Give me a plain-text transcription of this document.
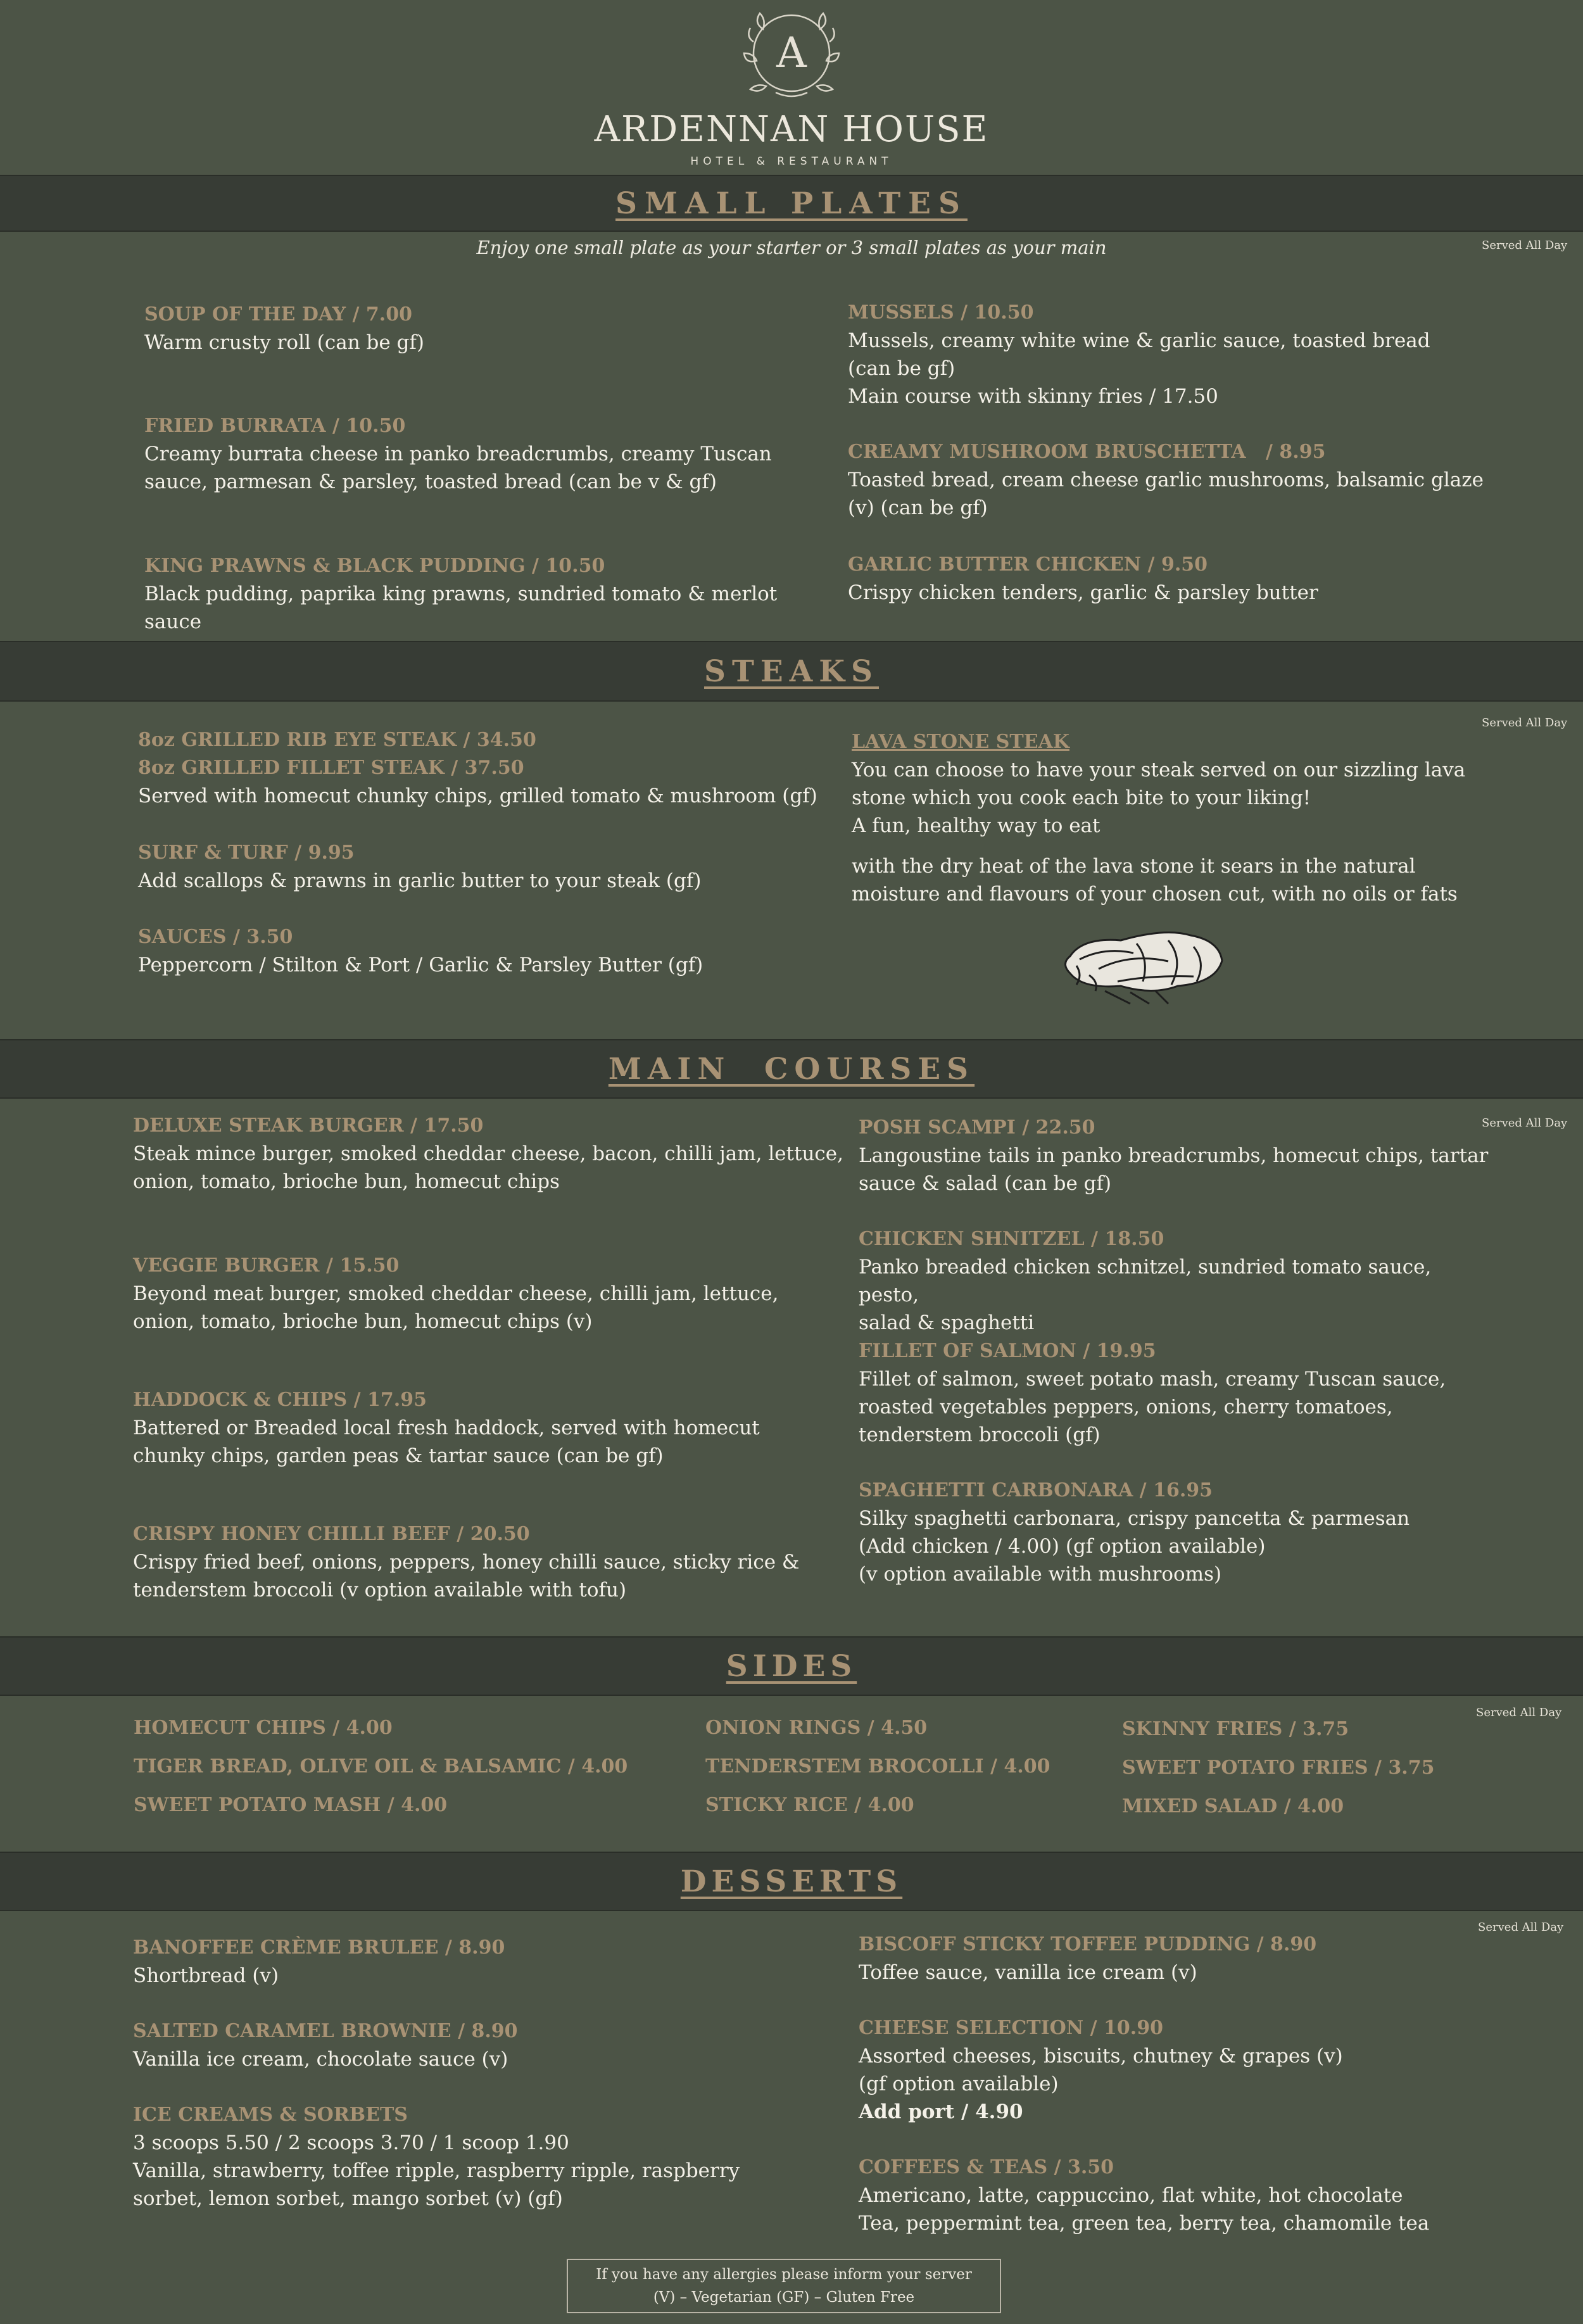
A
ARDENNAN HOUSE
HOTEL & RESTAURANT
SMALL PLATES
Enjoy one small plate as your starter or 3 small plates as your main	Served All Day
SOUP OF THE DAY / 7.00
Warm crusty roll (can be gf)
FRIED BURRATA / 10.50
Creamy burrata cheese in panko breadcrumbs, creamy Tuscan
sauce, parmesan & parsley, toasted bread (can be v & gf)
KING PRAWNS & BLACK PUDDING / 10.50
Black pudding, paprika king prawns, sundried tomato & merlot
sauce
MUSSELS / 10.50
Mussels, creamy white wine & garlic sauce, toasted bread
(can be gf)
Main course with skinny fries / 17.50
CREAMY MUSHROOM BRUSCHETTA   / 8.95
Toasted bread, cream cheese garlic mushrooms, balsamic glaze
(v) (can be gf)
GARLIC BUTTER CHICKEN / 9.50
Crispy chicken tenders, garlic & parsley butter
STEAKS
Served All Day
8oz GRILLED RIB EYE STEAK / 34.50
8oz GRILLED FILLET STEAK / 37.50
Served with homecut chunky chips, grilled tomato & mushroom (gf)
SURF & TURF / 9.95
Add scallops & prawns in garlic butter to your steak (gf)
SAUCES / 3.50
Peppercorn / Stilton & Port / Garlic & Parsley Butter (gf)
LAVA STONE STEAK
You can choose to have your steak served on our sizzling lava
stone which you cook each bite to your liking!
A fun, healthy way to eat
with the dry heat of the lava stone it sears in the natural
moisture and flavours of your chosen cut, with no oils or fats
MAIN  COURSES
Served All Day
DELUXE STEAK BURGER / 17.50
Steak mince burger, smoked cheddar cheese, bacon, chilli jam, lettuce,
onion, tomato, brioche bun, homecut chips
VEGGIE BURGER / 15.50
Beyond meat burger, smoked cheddar cheese, chilli jam, lettuce,
onion, tomato, brioche bun, homecut chips (v)
HADDOCK & CHIPS / 17.95
Battered or Breaded local fresh haddock, served with homecut
chunky chips, garden peas & tartar sauce (can be gf)
CRISPY HONEY CHILLI BEEF / 20.50
Crispy fried beef, onions, peppers, honey chilli sauce, sticky rice &
tenderstem broccoli (v option available with tofu)
POSH SCAMPI / 22.50
Langoustine tails in panko breadcrumbs, homecut chips, tartar
sauce & salad (can be gf)
CHICKEN SHNITZEL / 18.50
Panko breaded chicken schnitzel, sundried tomato sauce, pesto,
salad & spaghetti
FILLET OF SALMON / 19.95
Fillet of salmon, sweet potato mash, creamy Tuscan sauce,
roasted vegetables peppers, onions, cherry tomatoes,
tenderstem broccoli (gf)
SPAGHETTI CARBONARA / 16.95
Silky spaghetti carbonara, crispy pancetta & parmesan
(Add chicken / 4.00) (gf option available)
(v option available with mushrooms)
SIDES
Served All Day
HOMECUT CHIPS / 4.00
TIGER BREAD, OLIVE OIL & BALSAMIC / 4.00
SWEET POTATO MASH / 4.00
ONION RINGS / 4.50
TENDERSTEM BROCOLLI / 4.00
STICKY RICE / 4.00
SKINNY FRIES / 3.75
SWEET POTATO FRIES / 3.75
MIXED SALAD / 4.00
DESSERTS
Served All Day
BANOFFEE CRÈME BRULEE / 8.90
Shortbread (v)
SALTED CARAMEL BROWNIE / 8.90
Vanilla ice cream, chocolate sauce (v)
ICE CREAMS & SORBETS
3 scoops 5.50 / 2 scoops 3.70 / 1 scoop 1.90
Vanilla, strawberry, toffee ripple, raspberry ripple, raspberry
sorbet, lemon sorbet, mango sorbet (v) (gf)
BISCOFF STICKY TOFFEE PUDDING / 8.90
Toffee sauce, vanilla ice cream (v)
CHEESE SELECTION / 10.90
Assorted cheeses, biscuits, chutney & grapes (v)
(gf option available)
Add port / 4.90
COFFEES & TEAS / 3.50
Americano, latte, cappuccino, flat white, hot chocolate
Tea, peppermint tea, green tea, berry tea, chamomile tea
If you have any allergies please inform your server
(V) – Vegetarian (GF) – Gluten Free
